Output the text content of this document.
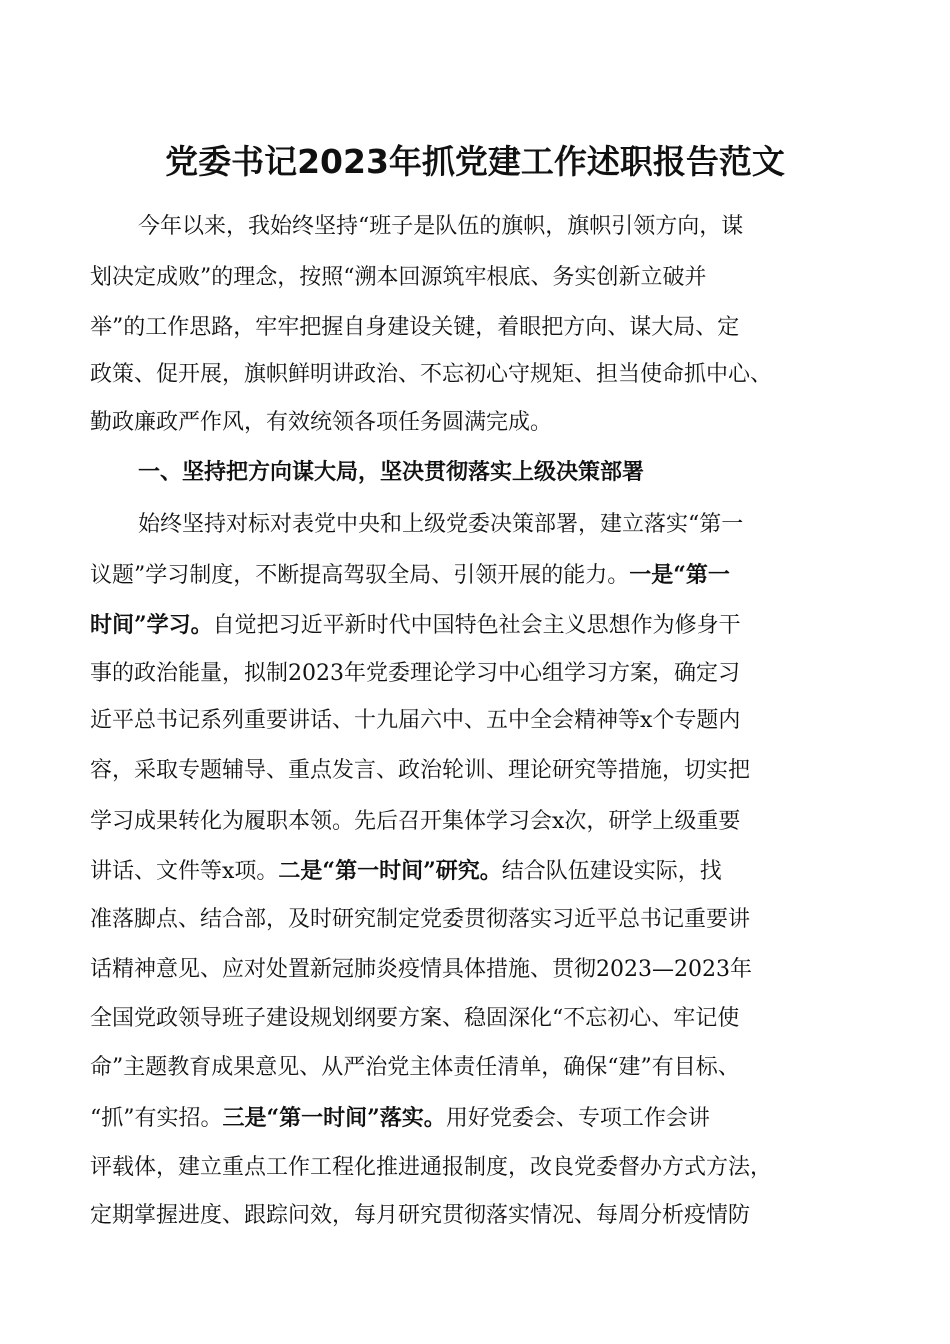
党委书记2023年抓党建工作述职报告范文
今年以来，我始终坚持“班子是队伍的旗帜，旗帜引领方向，谋
划决定成败”的理念，按照“溯本回源筑牢根底、务实创新立破并
举”的工作思路，牢牢把握自身建设关键，着眼把方向、谋大局、定
政策、促开展，旗帜鲜明讲政治、不忘初心守规矩、担当使命抓中心、
勤政廉政严作风，有效统领各项任务圆满完成。
一、坚持把方向谋大局，坚决贯彻落实上级决策部署
始终坚持对标对表党中央和上级党委决策部署，建立落实“第一
议题”学习制度，不断提高驾驭全局、引领开展的能力。一是“第一
时间”学习。自觉把习近平新时代中国特色社会主义思想作为修身干
事的政治能量，拟制2023年党委理论学习中心组学习方案，确定习
近平总书记系列重要讲话、十九届六中、五中全会精神等x个专题内
容，采取专题辅导、重点发言、政治轮训、理论研究等措施，切实把
学习成果转化为履职本领。先后召开集体学习会x次，研学上级重要
讲话、文件等x项。二是“第一时间”研究。结合队伍建设实际，找
准落脚点、结合部，及时研究制定党委贯彻落实习近平总书记重要讲
话精神意见、应对处置新冠肺炎疫情具体措施、贯彻2023—2023年
全国党政领导班子建设规划纲要方案、稳固深化“不忘初心、牢记使
命”主题教育成果意见、从严治党主体责任清单，确保“建”有目标、
“抓”有实招。三是“第一时间”落实。用好党委会、专项工作会讲
评载体，建立重点工作工程化推进通报制度，改良党委督办方式方法，
定期掌握进度、跟踪问效，每月研究贯彻落实情况、每周分析疫情防
